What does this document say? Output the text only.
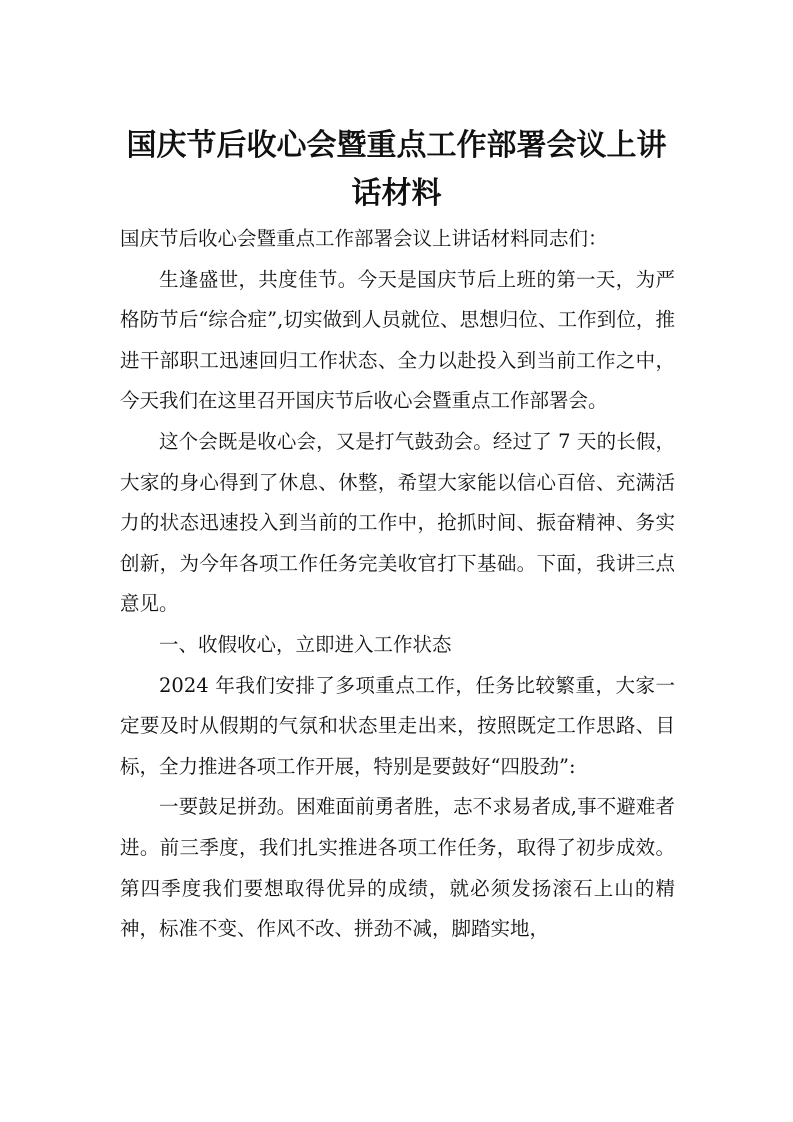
国庆节后收心会暨重点工作部署会议上讲
话材料

国庆节后收心会暨重点工作部署会议上讲话材料同志们：

生逢盛世，共度佳节。今天是国庆节后上班的第一天，为严格防节后“综合症”,切实做到人员就位、思想归位、工作到位，推进干部职工迅速回归工作状态、全力以赴投入到当前工作之中，今天我们在这里召开国庆节后收心会暨重点工作部署会。

这个会既是收心会，又是打气鼓劲会。经过了 7 天的长假，大家的身心得到了休息、休整，希望大家能以信心百倍、充满活力的状态迅速投入到当前的工作中，抢抓时间、振奋精神、务实创新，为今年各项工作任务完美收官打下基础。下面，我讲三点意见。

一、收假收心，立即进入工作状态

2024 年我们安排了多项重点工作，任务比较繁重，大家一定要及时从假期的气氛和状态里走出来，按照既定工作思路、目标，全力推进各项工作开展，特别是要鼓好“四股劲”:

一要鼓足拼劲。困难面前勇者胜，志不求易者成,事不避难者进。前三季度，我们扎实推进各项工作任务，取得了初步成效。第四季度我们要想取得优异的成绩，就必须发扬滚石上山的精神，标准不变、作风不改、拼劲不减，脚踏实地，
